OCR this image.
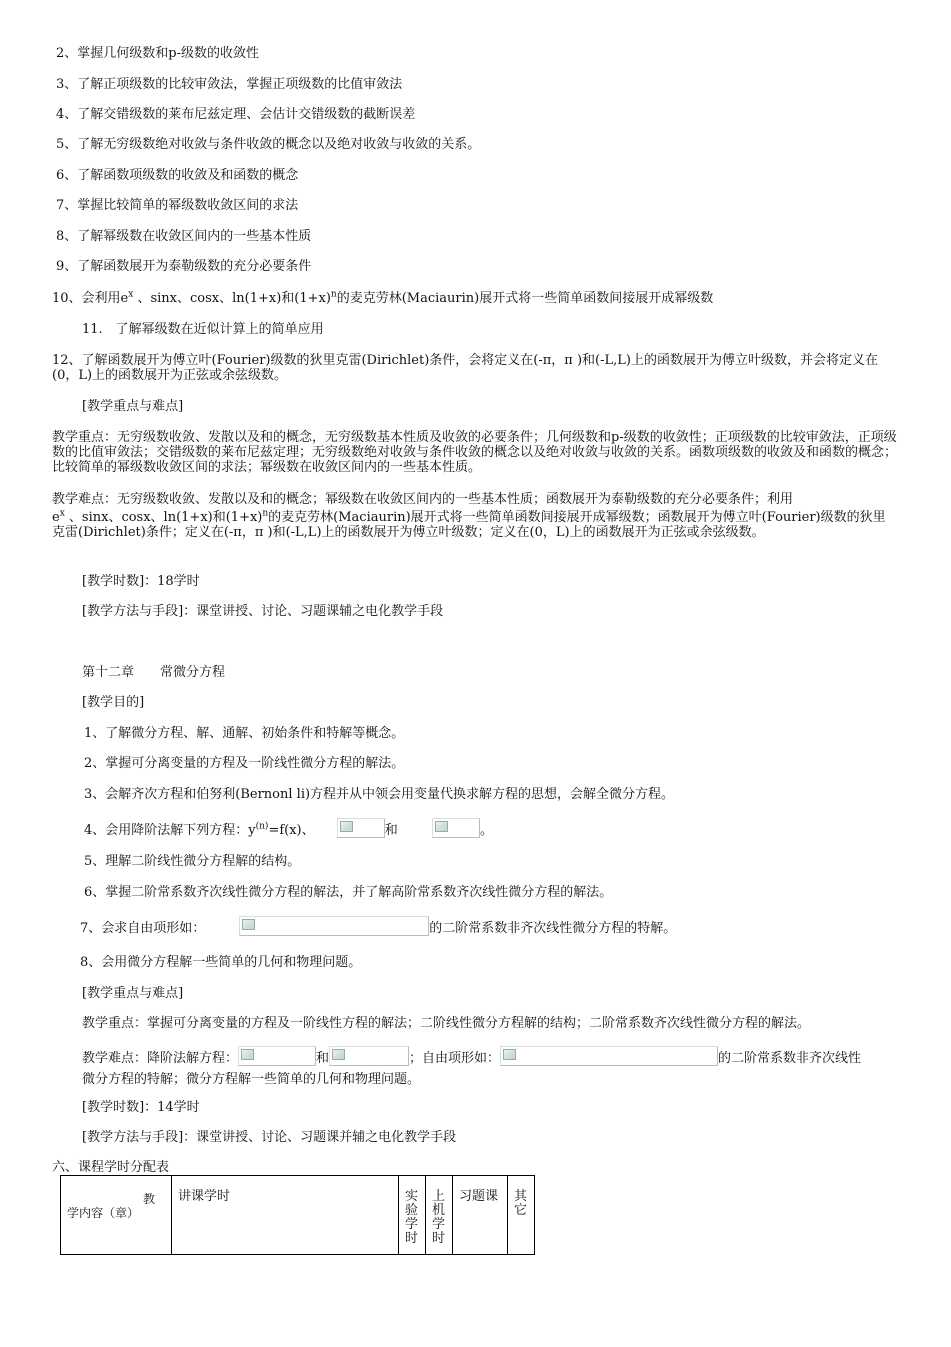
2、掌握几何级数和p-级数的收敛性
3、了解正项级数的比较审敛法，掌握正项级数的比值审敛法
4、了解交错级数的莱布尼兹定理、会估计交错级数的截断误差
5、了解无穷级数绝对收敛与条件收敛的概念以及绝对收敛与收敛的关系。
6、了解函数项级数的收敛及和函数的概念
7、掌握比较简单的幂级数收敛区间的求法
8、了解幂级数在收敛区间内的一些基本性质
9、了解函数展开为泰勒级数的充分必要条件
10、会利用$e^x$ 、sinx、cosx、ln(1+x)和$(1+x)^n$的麦克劳林(Maciaurin)展开式将一些简单函数间接展开成幂级数
11.　了解幂级数在近似计算上的简单应用
12、了解函数展开为傅立叶(Fourier)级数的狄里克雷(Dirichlet)条件，会将定义在(-π，π )和(-L,L)上的函数展开为傅立叶级数，并会将定义在(0，L)上的函数展开为正弦或余弦级数。
[教学重点与难点]
教学重点：无穷级数收敛、发散以及和的概念，无穷级数基本性质及收敛的必要条件；几何级数和p-级数的收敛性；正项级数的比较审敛法，正项级数的比值审敛法；交错级数的莱布尼兹定理；无穷级数绝对收敛与条件收敛的概念以及绝对收敛与收敛的关系。函数项级数的收敛及和函数的概念；比较简单的幂级数收敛区间的求法；幂级数在收敛区间内的一些基本性质。
教学难点：无穷级数收敛、发散以及和的概念；幂级数在收敛区间内的一些基本性质；函数展开为泰勒级数的充分必要条件；利用
$e^x$ 、sinx、cosx、ln(1+x)和$(1+x)^n$的麦克劳林(Maciaurin)展开式将一些简单函数间接展开成幂级数；函数展开为傅立叶(Fourier)级数的狄里克雷(Dirichlet)条件；定义在(-π，π )和(-L,L)上的函数展开为傅立叶级数；定义在(0，L)上的函数展开为正弦或余弦级数。
[教学时数]：18学时
[教学方法与手段]：课堂讲授、讨论、习题课辅之电化教学手段
第十二章　　常微分方程
[教学目的]
1、了解微分方程、解、通解、初始条件和特解等概念。
2、掌握可分离变量的方程及一阶线性微分方程的解法。
3、会解齐次方程和伯努利(Bernonl li)方程并从中领会用变量代换求解方程的思想，会解全微分方程。
4、会用降阶法解下列方程：$y^{(n)}=f(x)$、	和	。
5、理解二阶线性微分方程解的结构。
6、掌握二阶常系数齐次线性微分方程的解法，并了解高阶常系数齐次线性微分方程的解法。
7、会求自由项形如：	的二阶常系数非齐次线性微分方程的特解。
8、会用微分方程解一些简单的几何和物理问题。
[教学重点与难点]
教学重点：掌握可分离变量的方程及一阶线性方程的解法；二阶线性微分方程解的结构；二阶常系数齐次线性微分方程的解法。
教学难点：降阶法解方程：	和	；自由项形如：	的二阶常系数非齐次线性
微分方程的特解；微分方程解一些简单的几何和物理问题。
[教学时数]：14学时
[教学方法与手段]：课堂讲授、讨论、习题课并辅之电化教学手段
六、课程学时分配表
教
学内容（章）
	讲课学时	实验学时	上机学时	习题课	其它
